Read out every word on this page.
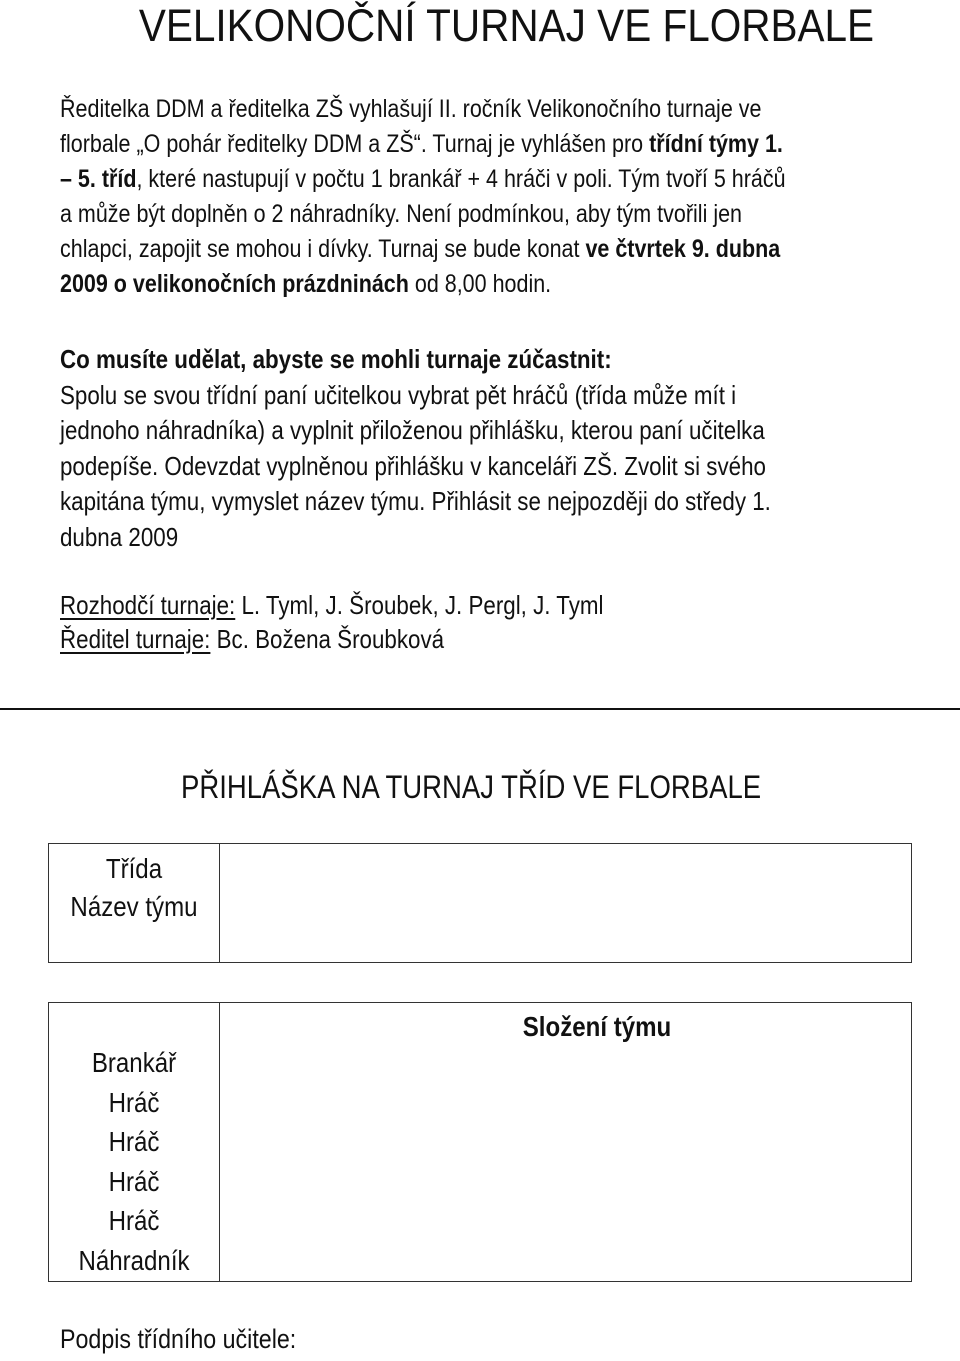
VELIKONOČNÍ TURNAJ VE FLORBALE
Ředitelka DDM a ředitelka ZŠ vyhlašují II. ročník Velikonočního turnaje ve
florbale „O pohár ředitelky DDM a ZŠ“. Turnaj je vyhlášen pro třídní týmy 1.
– 5. tříd, které nastupují v počtu 1 brankář + 4 hráči v poli. Tým tvoří 5 hráčů
a může být doplněn o 2 náhradníky. Není podmínkou, aby tým tvořili jen
chlapci, zapojit se mohou i dívky. Turnaj se bude konat ve čtvrtek 9. dubna
2009 o velikonočních prázdninách od 8,00 hodin.
Co musíte udělat, abyste se mohli turnaje zúčastnit:
Spolu se svou třídní paní učitelkou vybrat pět hráčů (třída může mít i
jednoho náhradníka) a vyplnit přiloženou přihlášku, kterou paní učitelka
podepíše. Odevzdat vyplněnou přihlášku v kanceláři ZŠ. Zvolit si svého
kapitána týmu, vymyslet název týmu. Přihlásit se nejpozději do středy 1.
dubna 2009
Rozhodčí turnaje: L. Tyml, J. Šroubek, J. Pergl, J. Tyml
Ředitel turnaje: Bc. Božena Šroubková
PŘIHLÁŠKA NA TURNAJ TŘÍD VE FLORBALE
Třída
Název týmu
Brankář
Hráč
Hráč
Hráč
Hráč
Náhradník
Složení týmu
Podpis třídního učitele:
